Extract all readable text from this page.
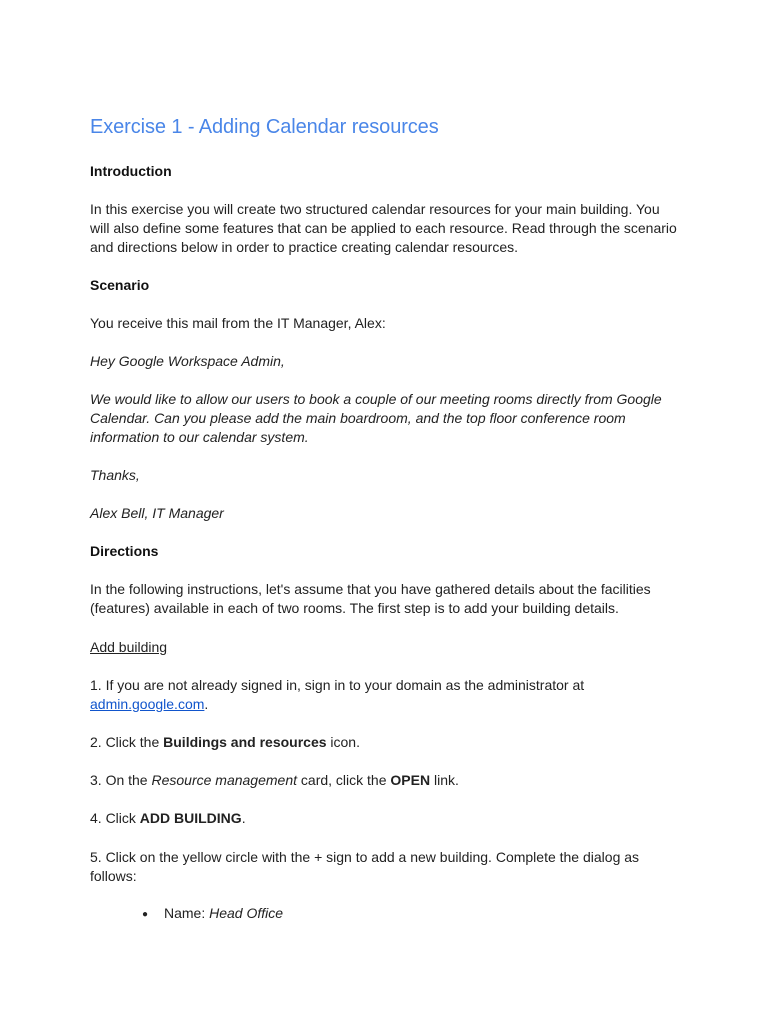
Exercise 1 - Adding Calendar resources

Introduction

In this exercise you will create two structured calendar resources for your main building. You will also define some features that can be applied to each resource. Read through the scenario and directions below in order to practice creating calendar resources.

Scenario

You receive this mail from the IT Manager, Alex:

Hey Google Workspace Admin,

We would like to allow our users to book a couple of our meeting rooms directly from Google Calendar. Can you please add the main boardroom, and the top floor conference room information to our calendar system.

Thanks,

Alex Bell, IT Manager

Directions

In the following instructions, let's assume that you have gathered details about the facilities (features) available in each of two rooms. The first step is to add your building details.

Add building

1. If you are not already signed in, sign in to your domain as the administrator at
admin.google.com.

2. Click the Buildings and resources icon.

3. On the Resource management card, click the OPEN link.

4. Click ADD BUILDING.

5. Click on the yellow circle with the + sign to add a new building. Complete the dialog as follows:

● Name: Head Office
